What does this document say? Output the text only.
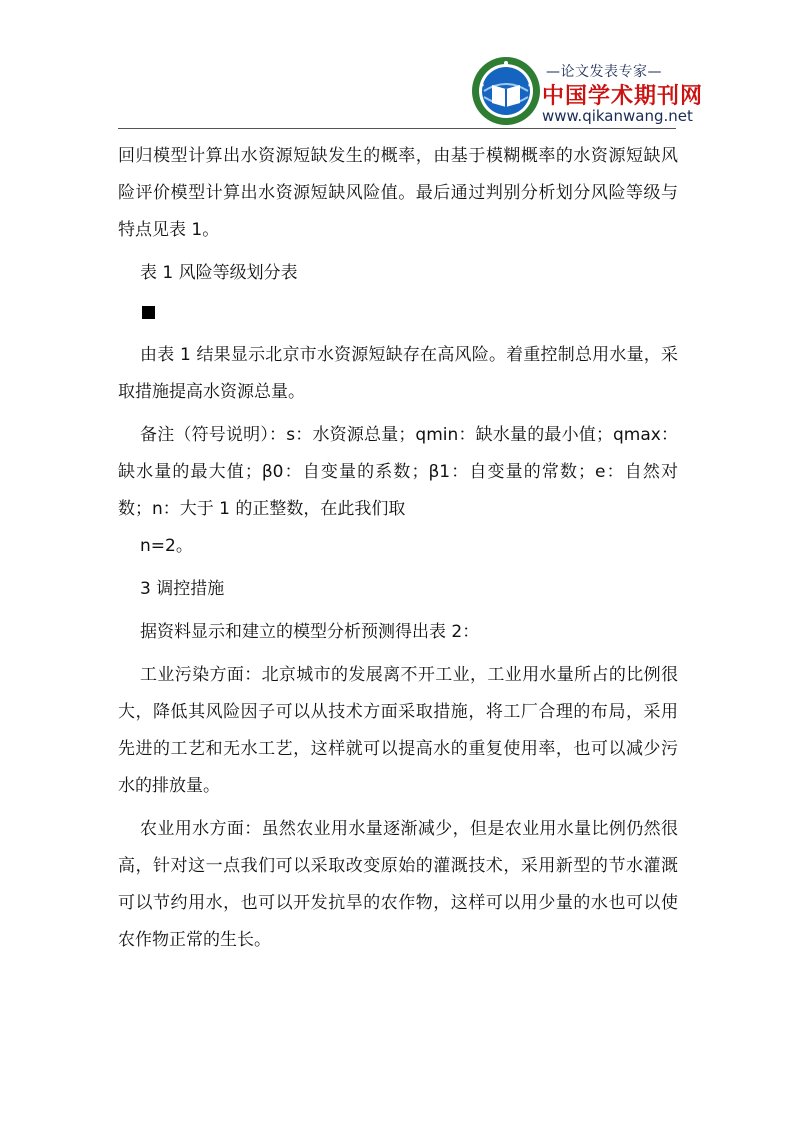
—论文发表专家—
中国学术期刊网
www.qikanwang.net

回归模型计算出水资源短缺发生的概率，由基于模糊概率的水资源短缺风险评价模型计算出水资源短缺风险值。最后通过判别分析划分风险等级与特点见表 1。

表 1 风险等级划分表

由表 1 结果显示北京市水资源短缺存在高风险。着重控制总用水量，采取措施提高水资源总量。

备注（符号说明）：s：水资源总量；qmin：缺水量的最小值；qmax：缺水量的最大值；β0：自变量的系数；β1：自变量的常数；e：自然对数；n：大于 1 的正整数，在此我们取

n=2。

3 调控措施

据资料显示和建立的模型分析预测得出表 2：

工业污染方面：北京城市的发展离不开工业，工业用水量所占的比例很大，降低其风险因子可以从技术方面采取措施，将工厂合理的布局，采用先进的工艺和无水工艺，这样就可以提高水的重复使用率，也可以减少污水的排放量。

农业用水方面：虽然农业用水量逐渐减少，但是农业用水量比例仍然很高，针对这一点我们可以采取改变原始的灌溉技术，采用新型的节水灌溉可以节约用水，也可以开发抗旱的农作物，这样可以用少量的水也可以使农作物正常的生长。
